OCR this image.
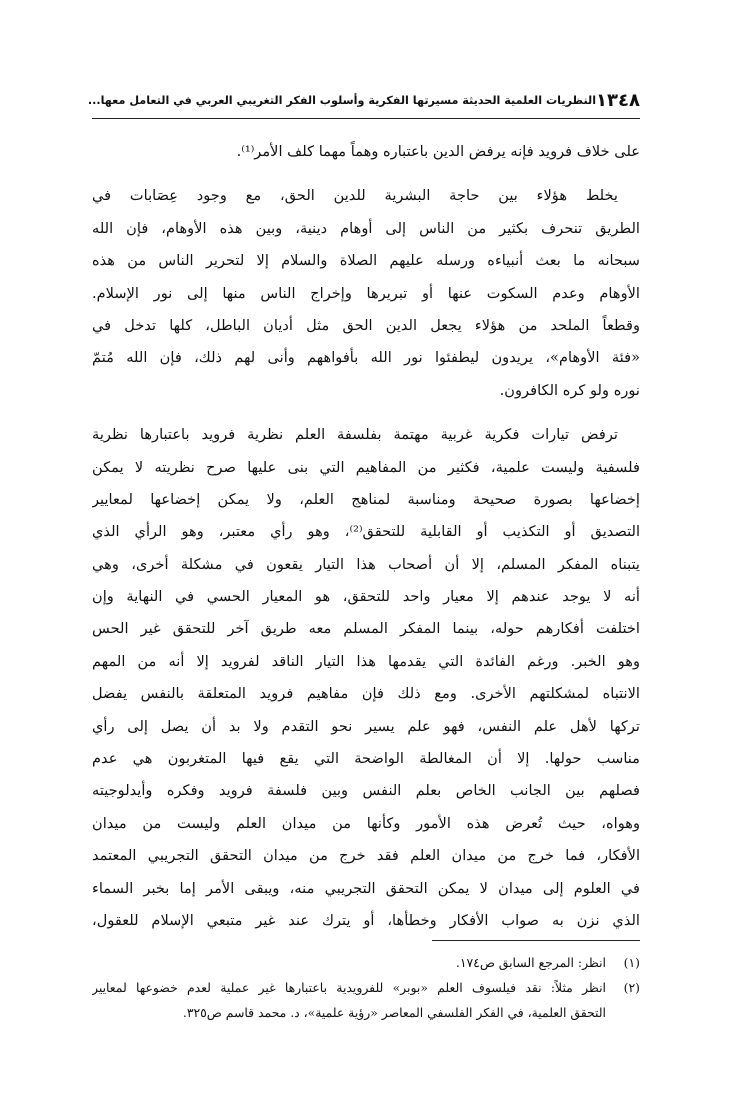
١٣٤٨
النظريات العلمية الحديثة مسيرتها الفكرية وأسلوب الفكر التغريبي العربي في التعامل معها...
على خلاف فرويد فإنه يرفض الدين باعتباره وهماً مهما كلف الأمر⁽¹⁾.
يخلط هؤلاء بين حاجة البشرية للدين الحق، مع وجود عِصَابات في
الطريق تنحرف بكثير من الناس إلى أوهام دينية، وبين هذه الأوهام، فإن الله
سبحانه ما بعث أنبياءه ورسله عليهم الصلاة والسلام إلا لتحرير الناس من هذه
الأوهام وعدم السكوت عنها أو تبريرها وإخراج الناس منها إلى نور الإسلام.
وقطعاً الملحد من هؤلاء يجعل الدين الحق مثل أديان الباطل، كلها تدخل في
«فئة الأوهام»، يريدون ليطفئوا نور الله بأفواههم وأنى لهم ذلك، فإن الله مُتمّ
نوره ولو كره الكافرون.
ترفض تيارات فكرية غربية مهتمة بفلسفة العلم نظرية فرويد باعتبارها نظرية
فلسفية وليست علمية، فكثير من المفاهيم التي بنى عليها صرح نظريته لا يمكن
إخضاعها بصورة صحيحة ومناسبة لمناهج العلم، ولا يمكن إخضاعها لمعايير
التصديق أو التكذيب أو القابلية للتحقق⁽²⁾، وهو رأي معتبر، وهو الرأي الذي
يتبناه المفكر المسلم، إلا أن أصحاب هذا التيار يقعون في مشكلة أخرى، وهي
أنه لا يوجد عندهم إلا معيار واحد للتحقق، هو المعيار الحسي في النهاية وإن
اختلفت أفكارهم حوله، بينما المفكر المسلم معه طريق آخر للتحقق غير الحس
وهو الخبر. ورغم الفائدة التي يقدمها هذا التيار الناقد لفرويد إلا أنه من المهم
الانتباه لمشكلتهم الأخرى. ومع ذلك فإن مفاهيم فرويد المتعلقة بالنفس يفضل
تركها لأهل علم النفس، فهو علم يسير نحو التقدم ولا بد أن يصل إلى رأي
مناسب حولها. إلا أن المغالطة الواضحة التي يقع فيها المتغربون هي عدم
فصلهم بين الجانب الخاص بعلم النفس وبين فلسفة فرويد وفكره وأيدلوجيته
وهواه، حيث تُعرض هذه الأمور وكأنها من ميدان العلم وليست من ميدان
الأفكار، فما خرج من ميدان العلم فقد خرج من ميدان التحقق التجريبي المعتمد
في العلوم إلى ميدان لا يمكن التحقق التجريبي منه، ويبقى الأمر إما بخبر السماء
الذي نزن به صواب الأفكار وخطأها، أو يترك عند غير متبعي الإسلام للعقول،
(١)
انظر: المرجع السابق ص١٧٤.
(٢)
انظر مثلاً: نقد فيلسوف العلم «بوبر» للفرويدية باعتبارها غير عملية لعدم خضوعها لمعايير
التحقق العلمية، في الفكر الفلسفي المعاصر «رؤية علمية»، د. محمد قاسم ص٣٢٥.
